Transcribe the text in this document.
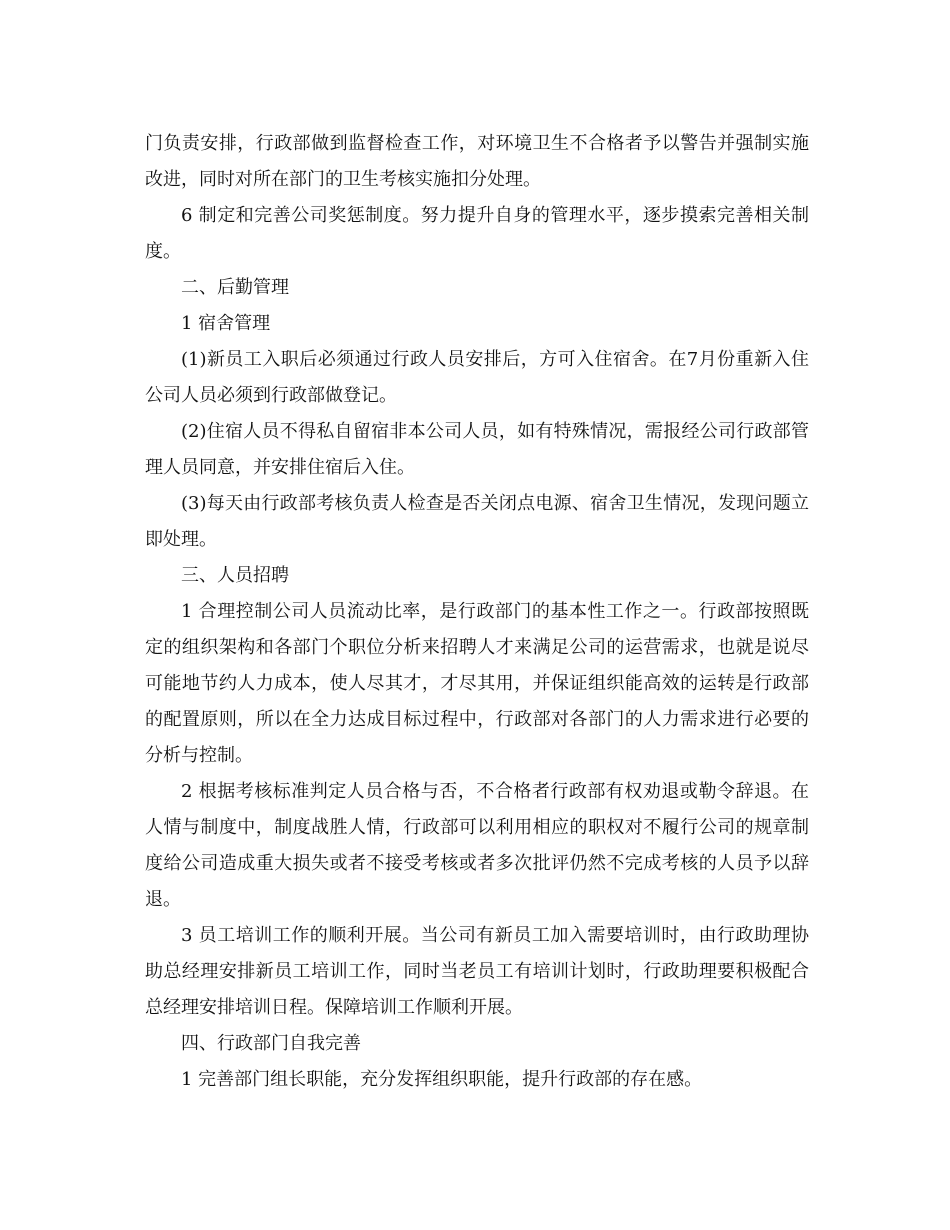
门负责安排，行政部做到监督检查工作，对环境卫生不合格者予以警告并强制实施改进，同时对所在部门的卫生考核实施扣分处理。

6 制定和完善公司奖惩制度。努力提升自身的管理水平，逐步摸索完善相关制度。

二、后勤管理

1 宿舍管理

(1)新员工入职后必须通过行政人员安排后，方可入住宿舍。在7月份重新入住公司人员必须到行政部做登记。

(2)住宿人员不得私自留宿非本公司人员，如有特殊情况，需报经公司行政部管理人员同意，并安排住宿后入住。

(3)每天由行政部考核负责人检查是否关闭点电源、宿舍卫生情况，发现问题立即处理。

三、人员招聘

1 合理控制公司人员流动比率，是行政部门的基本性工作之一。行政部按照既定的组织架构和各部门个职位分析来招聘人才来满足公司的运营需求，也就是说尽可能地节约人力成本，使人尽其才，才尽其用，并保证组织能高效的运转是行政部的配置原则，所以在全力达成目标过程中，行政部对各部门的人力需求进行必要的分析与控制。

2 根据考核标准判定人员合格与否，不合格者行政部有权劝退或勒令辞退。在人情与制度中，制度战胜人情，行政部可以利用相应的职权对不履行公司的规章制度给公司造成重大损失或者不接受考核或者多次批评仍然不完成考核的人员予以辞退。

3 员工培训工作的顺利开展。当公司有新员工加入需要培训时，由行政助理协助总经理安排新员工培训工作，同时当老员工有培训计划时，行政助理要积极配合总经理安排培训日程。保障培训工作顺利开展。

四、行政部门自我完善

1 完善部门组长职能，充分发挥组织职能，提升行政部的存在感。
